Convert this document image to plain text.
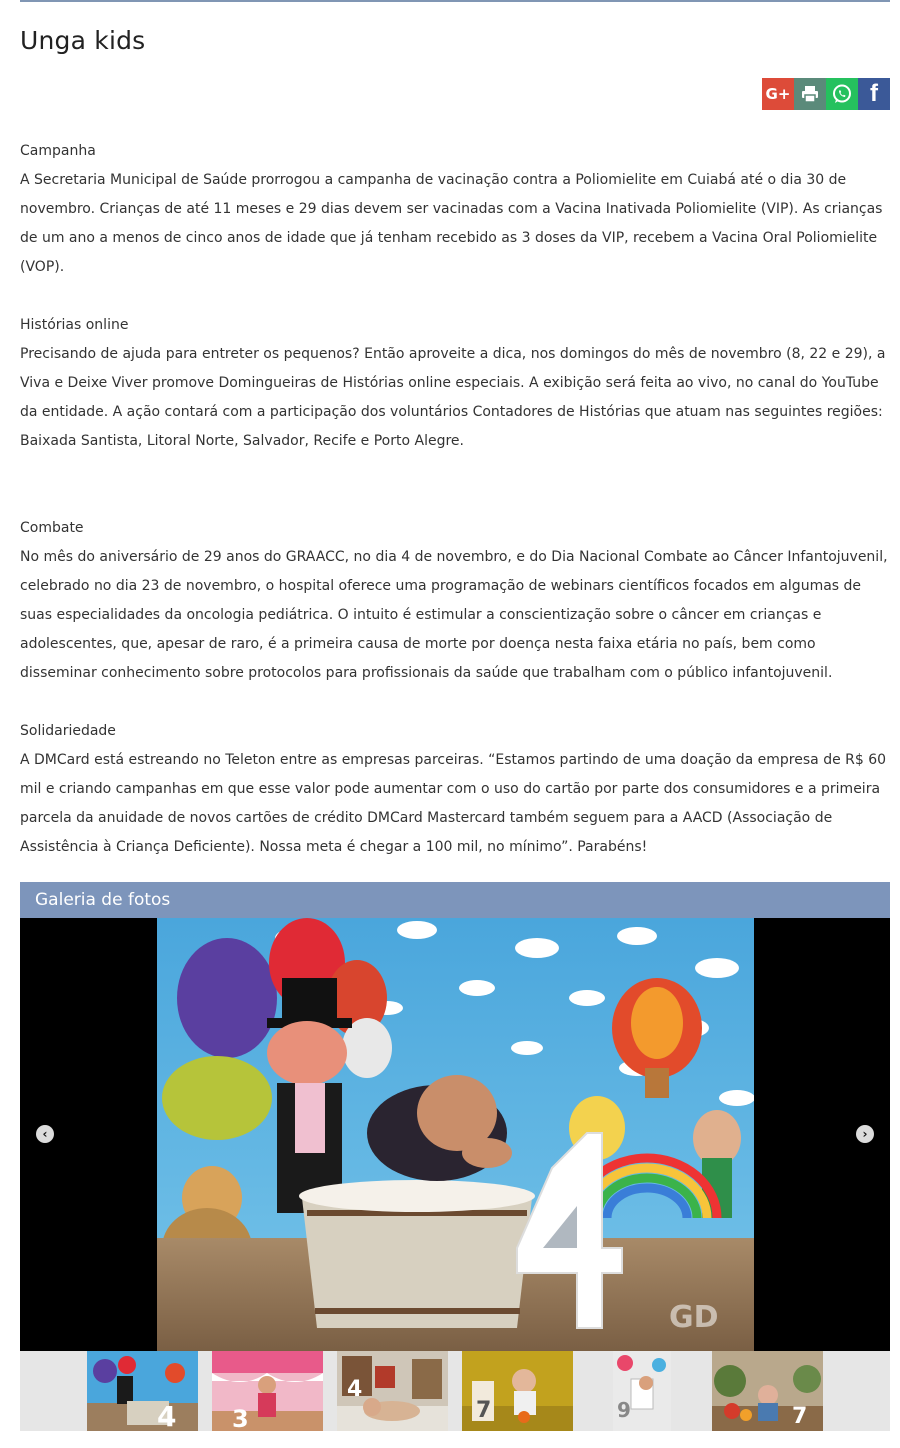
Unga kids
G+	f
Campanha
A Secretaria Municipal de Saúde prorrogou a campanha de vacinação contra a Poliomielite em Cuiabá até o dia 30 de novembro. Crianças de até 11 meses e 29 dias devem ser vacinadas com a Vacina Inativada Poliomielite (VIP). As crianças de um ano a menos de cinco anos de idade que já tenham recebido as 3 doses da VIP, recebem a Vacina Oral Poliomielite (VOP).
Histórias online
Precisando de ajuda para entreter os pequenos? Então aproveite a dica, nos domingos do mês de novembro (8, 22 e 29), a Viva e Deixe Viver promove Domingueiras de Histórias online especiais. A exibição será feita ao vivo, no canal do YouTube da entidade. A ação contará com a participação dos voluntários Contadores de Histórias que atuam nas seguintes regiões: Baixada Santista, Litoral Norte, Salvador, Recife e Porto Alegre.
Combate
No mês do aniversário de 29 anos do GRAACC, no dia 4 de novembro, e do Dia Nacional Combate ao Câncer Infantojuvenil, celebrado no dia 23 de novembro, o hospital oferece uma programação de webinars científicos focados em algumas de suas especialidades da oncologia pediátrica. O intuito é estimular a conscientização sobre o câncer em crianças e adolescentes, que, apesar de raro, é a primeira causa de morte por doença nesta faixa etária no país, bem como disseminar conhecimento sobre protocolos para profissionais da saúde que trabalham com o público infantojuvenil.
Solidariedade
A DMCard está estreando no Teleton entre as empresas parceiras. “Estamos partindo de uma doação da empresa de R$ 60 mil e criando campanhas em que esse valor pode aumentar com o uso do cartão por parte dos consumidores e a primeira parcela da anuidade de novos cartões de crédito DMCard Mastercard também seguem para a AACD (Associação de Assistência à Criança Deficiente). Nossa meta é chegar a 100 mil, no mínimo”. Parabéns!
Galeria de fotos
GD
‹	›
4 3
4
7	9	7
